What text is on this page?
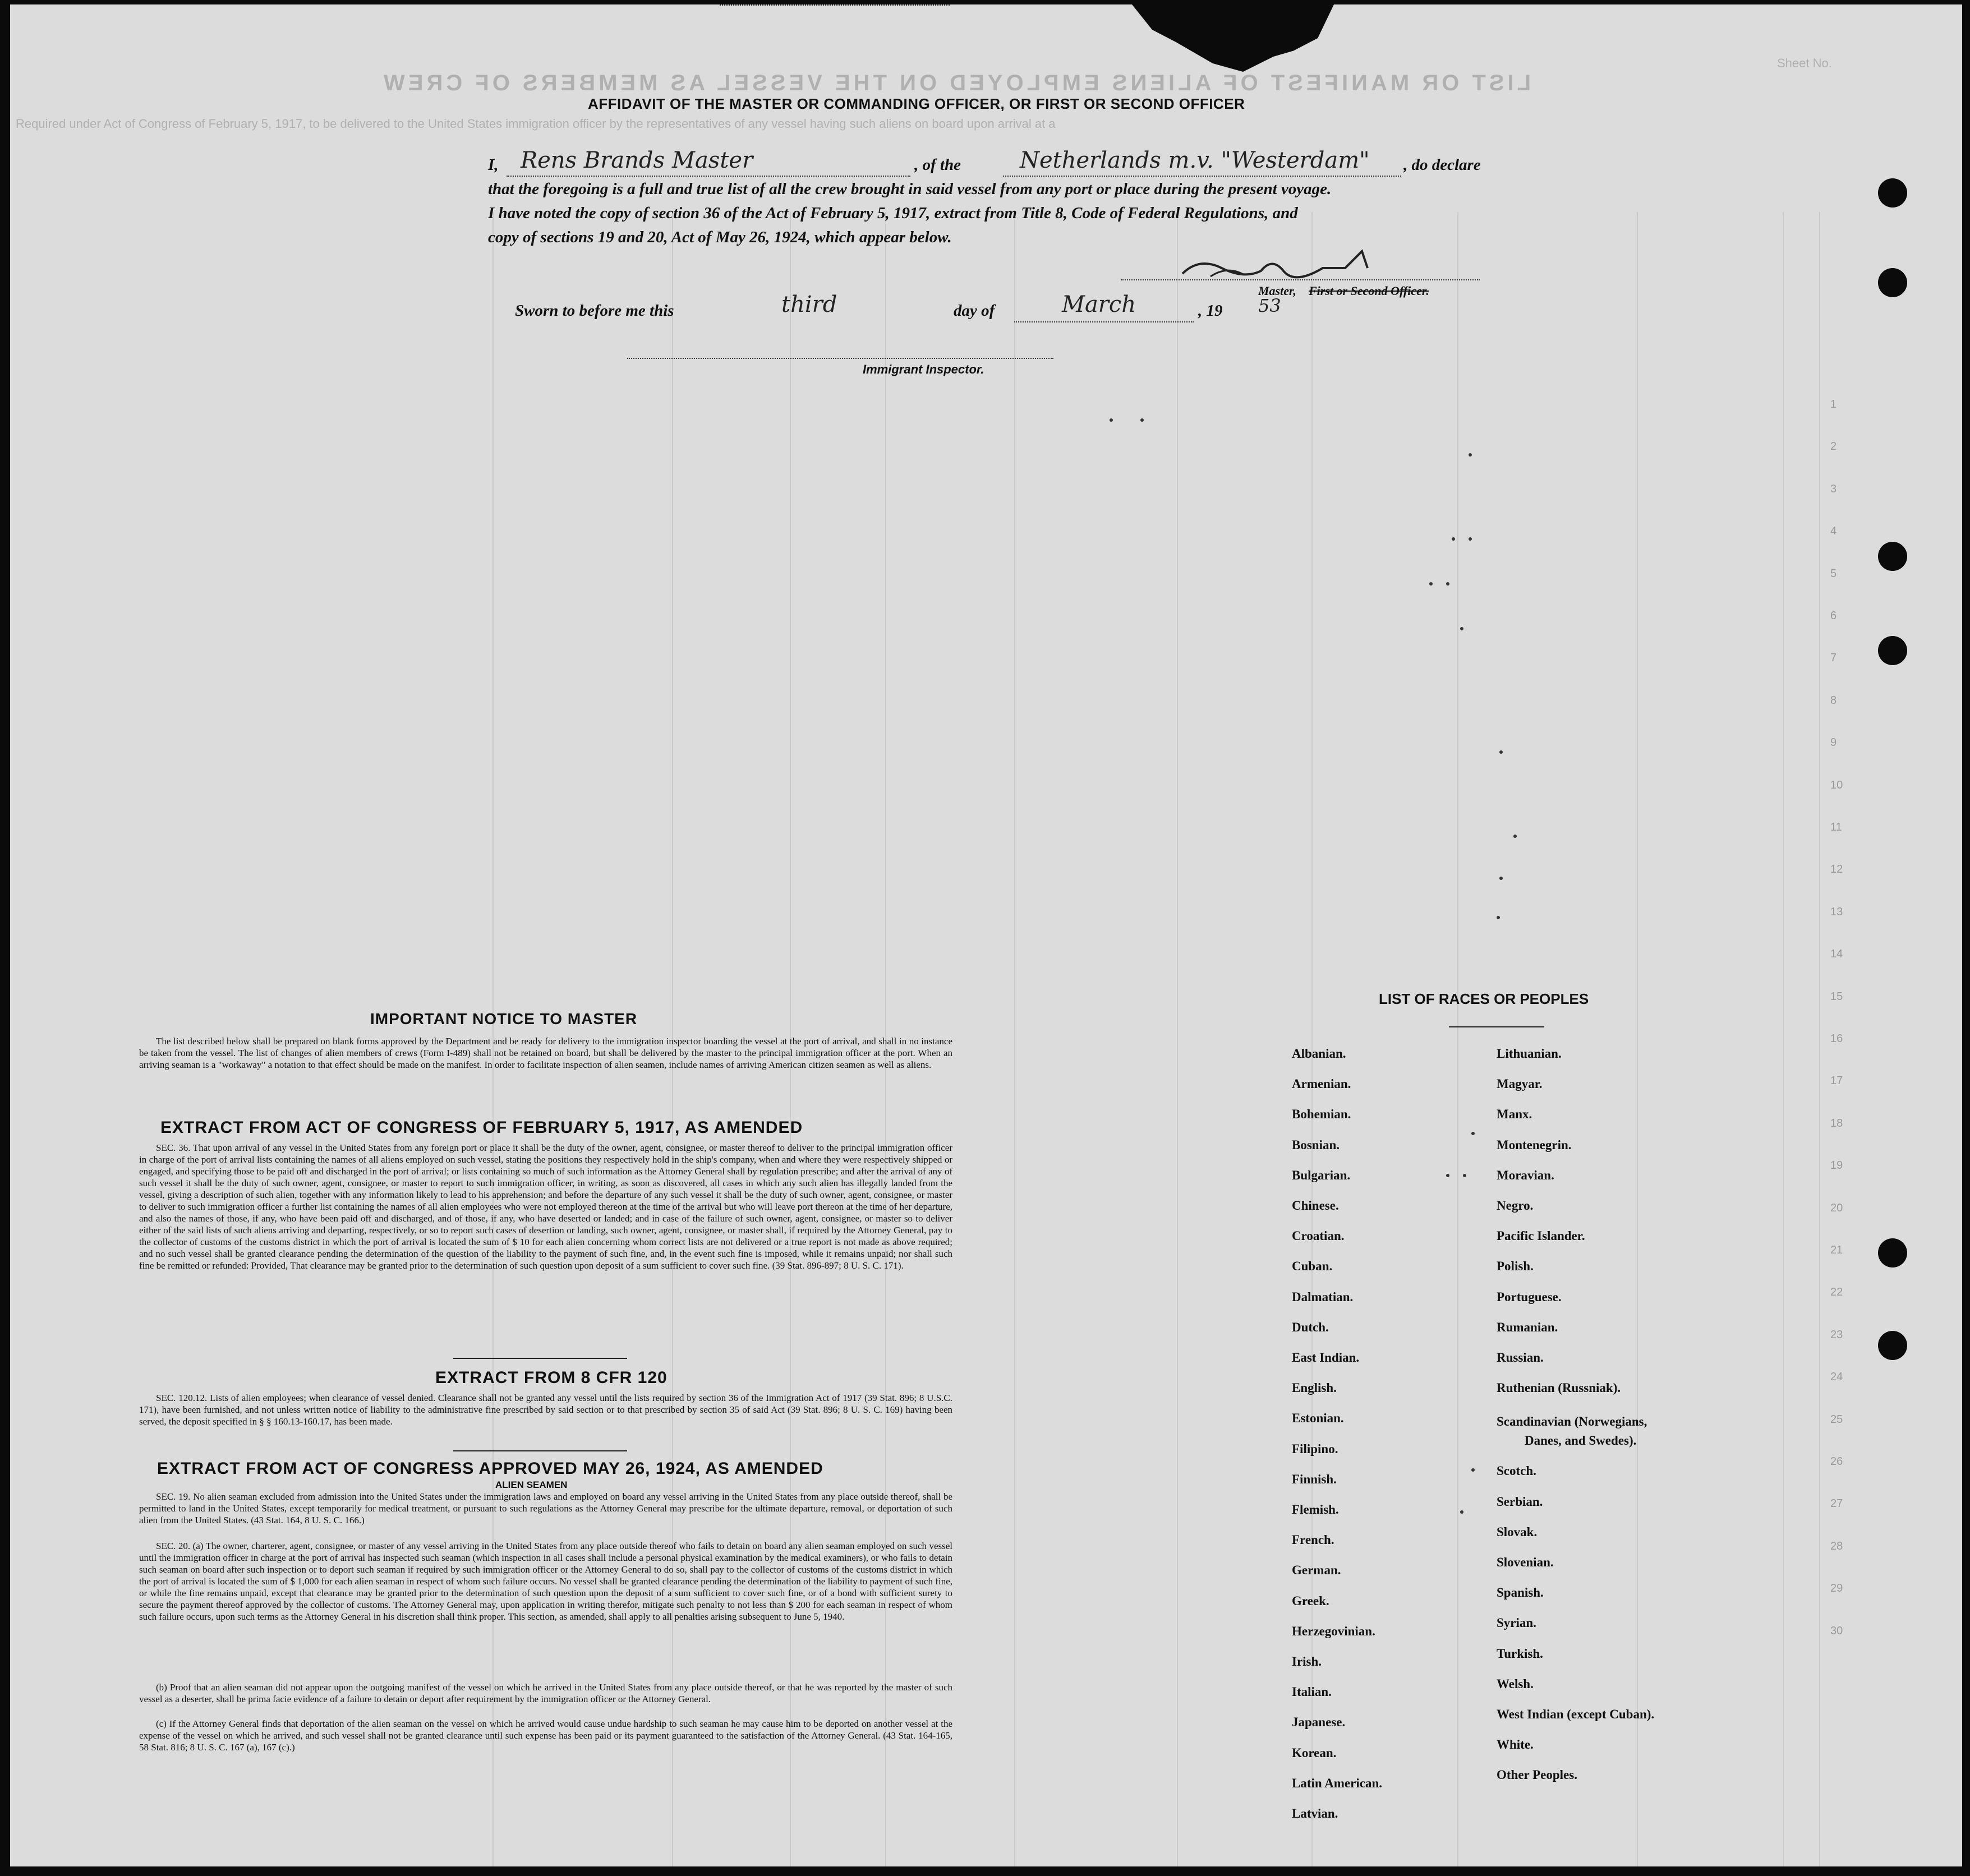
LIST OR MANIFEST OF ALIENS EMPLOYED ON THE VESSEL AS MEMBERS OF CREW
Required under Act of Congress of February 5, 1917, to be delivered to the United States immigration officer by the representatives of any vessel having such aliens on board upon arrival at a
Sheet No.
1
2
3
4
5
6
7
8
9
10
11
12
13
14
15
16
17
18
19
20
21
22
23
24
25
26
27
28
29
30
AFFIDAVIT OF THE MASTER OR COMMANDING OFFICER, OR FIRST OR SECOND OFFICER
I, Rens Brands Master	, of the	Netherlands m.v. "Westerdam" , do declare
that the foregoing is a full and true list of all the crew brought in said vessel from any port or place during the present voyage.
I have noted the copy of section 36 of the Act of February 5, 1917, extract from Title 8, Code of Federal Regulations, and
copy of sections 19 and 20, Act of May 26, 1924, which appear below.
Master, First or Second Officer.
Sworn to before me this	third	day of	March	, 19 53
Immigrant Inspector.
IMPORTANT NOTICE TO MASTER
The list described below shall be prepared on blank forms approved by the Department and be ready for delivery to the immigration inspector boarding the vessel at the port of arrival, and shall in no instance be taken from the vessel. The list of changes of alien members of crews (Form I-489) shall not be retained on board, but shall be delivered by the master to the principal immigration officer at the port. When an arriving seaman is a "workaway" a notation to that effect should be made on the manifest. In order to facilitate inspection of alien seamen, include names of arriving American citizen seamen as well as aliens.
EXTRACT FROM ACT OF CONGRESS OF FEBRUARY 5, 1917, AS AMENDED
SEC. 36. That upon arrival of any vessel in the United States from any foreign port or place it shall be the duty of the owner, agent, consignee, or master thereof to deliver to the principal immigration officer in charge of the port of arrival lists containing the names of all aliens employed on such vessel, stating the positions they respectively hold in the ship's company, when and where they were respectively shipped or engaged, and specifying those to be paid off and discharged in the port of arrival; or lists containing so much of such information as the Attorney General shall by regulation prescribe; and after the arrival of any of such vessel it shall be the duty of such owner, agent, consignee, or master to report to such immigration officer, in writing, as soon as discovered, all cases in which any such alien has illegally landed from the vessel, giving a description of such alien, together with any information likely to lead to his apprehension; and before the departure of any such vessel it shall be the duty of such owner, agent, consignee, or master to deliver to such immigration officer a further list containing the names of all alien employees who were not employed thereon at the time of the arrival but who will leave port thereon at the time of her departure, and also the names of those, if any, who have been paid off and discharged, and of those, if any, who have deserted or landed; and in case of the failure of such owner, agent, consignee, or master so to deliver either of the said lists of such aliens arriving and departing, respectively, or so to report such cases of desertion or landing, such owner, agent, consignee, or master shall, if required by the Attorney General, pay to the collector of customs of the customs district in which the port of arrival is located the sum of $ 10 for each alien concerning whom correct lists are not delivered or a true report is not made as above required; and no such vessel shall be granted clearance pending the determination of the question of the liability to the payment of such fine, and, in the event such fine is imposed, while it remains unpaid; nor shall such fine be remitted or refunded: Provided, That clearance may be granted prior to the determination of such question upon deposit of a sum sufficient to cover such fine. (39 Stat. 896-897; 8 U. S. C. 171).
EXTRACT FROM 8 CFR 120
SEC. 120.12. Lists of alien employees; when clearance of vessel denied. Clearance shall not be granted any vessel until the lists required by section 36 of the Immigration Act of 1917 (39 Stat. 896; 8 U.S.C. 171), have been furnished, and not unless written notice of liability to the administrative fine prescribed by said section or to that prescribed by section 35 of said Act (39 Stat. 896; 8 U. S. C. 169) having been served, the deposit specified in § § 160.13-160.17, has been made.
EXTRACT FROM ACT OF CONGRESS APPROVED MAY 26, 1924, AS AMENDED
ALIEN SEAMEN
SEC. 19. No alien seaman excluded from admission into the United States under the immigration laws and employed on board any vessel arriving in the United States from any place outside thereof, shall be permitted to land in the United States, except temporarily for medical treatment, or pursuant to such regulations as the Attorney General may prescribe for the ultimate departure, removal, or deportation of such alien from the United States. (43 Stat. 164, 8 U. S. C. 166.)
SEC. 20. (a) The owner, charterer, agent, consignee, or master of any vessel arriving in the United States from any place outside thereof who fails to detain on board any alien seaman employed on such vessel until the immigration officer in charge at the port of arrival has inspected such seaman (which inspection in all cases shall include a personal physical examination by the medical examiners), or who fails to detain such seaman on board after such inspection or to deport such seaman if required by such immigration officer or the Attorney General to do so, shall pay to the collector of customs of the customs district in which the port of arrival is located the sum of $ 1,000 for each alien seaman in respect of whom such failure occurs. No vessel shall be granted clearance pending the determination of the liability to payment of such fine, or while the fine remains unpaid, except that clearance may be granted prior to the determination of such question upon the deposit of a sum sufficient to cover such fine, or of a bond with sufficient surety to secure the payment thereof approved by the collector of customs. The Attorney General may, upon application in writing therefor, mitigate such penalty to not less than $ 200 for each seaman in respect of whom such failure occurs, upon such terms as the Attorney General in his discretion shall think proper. This section, as amended, shall apply to all penalties arising subsequent to June 5, 1940.
(b) Proof that an alien seaman did not appear upon the outgoing manifest of the vessel on which he arrived in the United States from any place outside thereof, or that he was reported by the master of such vessel as a deserter, shall be prima facie evidence of a failure to detain or deport after requirement by the immigration officer or the Attorney General.
(c) If the Attorney General finds that deportation of the alien seaman on the vessel on which he arrived would cause undue hardship to such seaman he may cause him to be deported on another vessel at the expense of the vessel on which he arrived, and such vessel shall not be granted clearance until such expense has been paid or its payment guaranteed to the satisfaction of the Attorney General. (43 Stat. 164-165, 58 Stat. 816; 8 U. S. C. 167 (a), 167 (c).)
LIST OF RACES OR PEOPLES
Albanian.
Armenian.
Bohemian.
Bosnian.
Bulgarian.
Chinese.
Croatian.
Cuban.
Dalmatian.
Dutch.
East Indian.
English.
Estonian.
Filipino.
Finnish.
Flemish.
French.
German.
Greek.
Herzegovinian.
Irish.
Italian.
Japanese.
Korean.
Latin American.
Latvian.
Lithuanian.
Magyar.
Manx.
Montenegrin.
Moravian.
Negro.
Pacific Islander.
Polish.
Portuguese.
Rumanian.
Russian.
Ruthenian (Russniak).
Scandinavian (Norwegians,
Danes, and Swedes).
Scotch.
Serbian.
Slovak.
Slovenian.
Spanish.
Syrian.
Turkish.
Welsh.
West Indian (except Cuban).
White.
Other Peoples.
